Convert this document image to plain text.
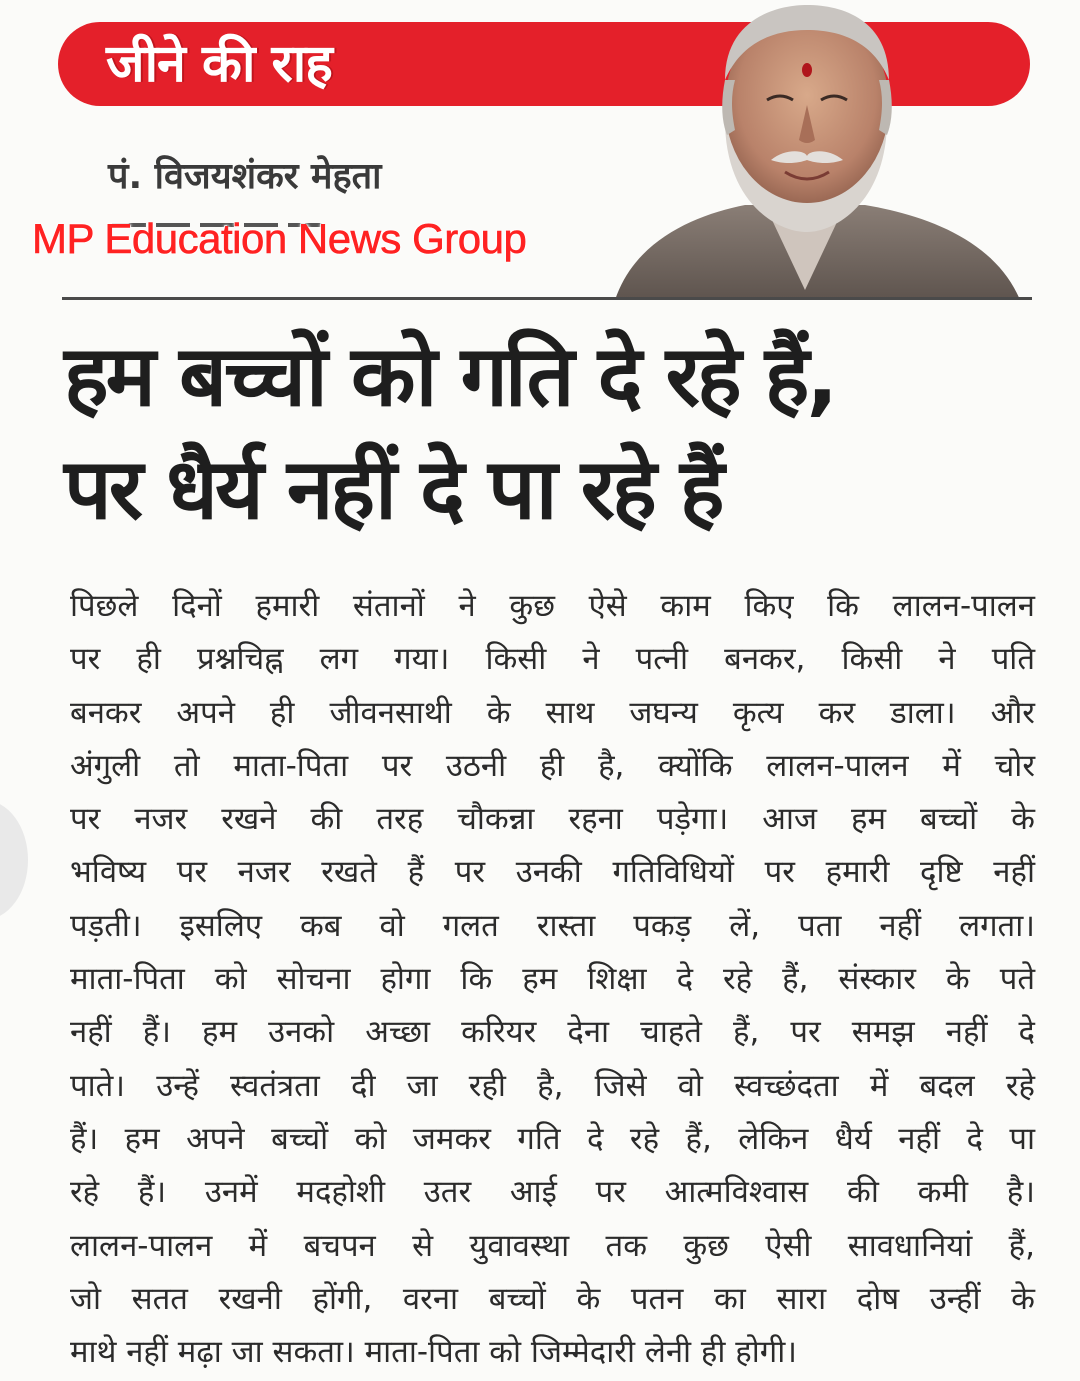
जीने की राह
पं. विजयशंकर मेहता
MP Education News Group
हम बच्चों को गति दे रहे हैं,
पर धैर्य नहीं दे पा रहे हैं
पिछले दिनों हमारी संतानों ने कुछ ऐसे काम किए कि लालन-पालन
पर ही प्रश्नचिह्न लग गया। किसी ने पत्नी बनकर, किसी ने पति
बनकर अपने ही जीवनसाथी के साथ जघन्य कृत्य कर डाला। और
अंगुली तो माता-पिता पर उठनी ही है, क्योंकि लालन-पालन में चोर
पर नजर रखने की तरह चौकन्ना रहना पड़ेगा। आज हम बच्चों के
भविष्य पर नजर रखते हैं पर उनकी गतिविधियों पर हमारी दृष्टि नहीं
पड़ती। इसलिए कब वो गलत रास्ता पकड़ लें, पता नहीं लगता।
माता-पिता को सोचना होगा कि हम शिक्षा दे रहे हैं, संस्कार के पते
नहीं हैं। हम उनको अच्छा करियर देना चाहते हैं, पर समझ नहीं दे
पाते। उन्हें स्वतंत्रता दी जा रही है, जिसे वो स्वच्छंदता में बदल रहे
हैं। हम अपने बच्चों को जमकर गति दे रहे हैं, लेकिन धैर्य नहीं दे पा
रहे हैं। उनमें मदहोशी उतर आई पर आत्मविश्वास की कमी है।
लालन-पालन में बचपन से युवावस्था तक कुछ ऐसी सावधानियां हैं,
जो सतत रखनी होंगी, वरना बच्चों के पतन का सारा दोष उन्हीं के
माथे नहीं मढ़ा जा सकता। माता-पिता को जिम्मेदारी लेनी ही होगी।
